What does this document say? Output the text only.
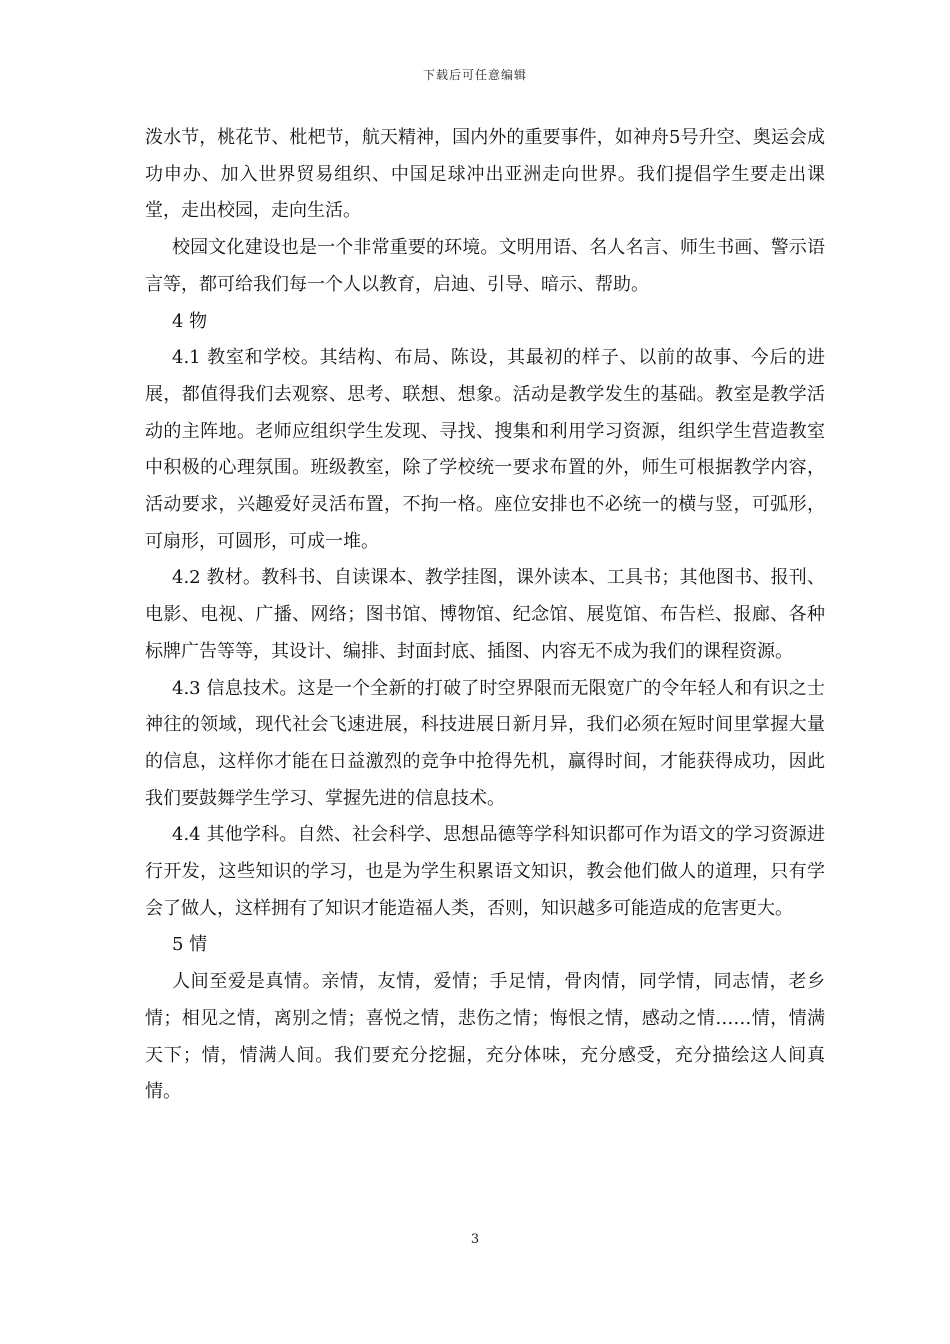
下载后可任意编辑

泼水节，桃花节、枇杷节，航天精神，国内外的重要事件，如神舟5号升空、奥运会成功申办、加入世界贸易组织、中国足球冲出亚洲走向世界。我们提倡学生要走出课堂，走出校园，走向生活。

校园文化建设也是一个非常重要的环境。文明用语、名人名言、师生书画、警示语言等，都可给我们每一个人以教育，启迪、引导、暗示、帮助。

4 物

4.1 教室和学校。其结构、布局、陈设，其最初的样子、以前的故事、今后的进展，都值得我们去观察、思考、联想、想象。活动是教学发生的基础。教室是教学活动的主阵地。老师应组织学生发现、寻找、搜集和利用学习资源，组织学生营造教室中积极的心理氛围。班级教室，除了学校统一要求布置的外，师生可根据教学内容，活动要求，兴趣爱好灵活布置，不拘一格。座位安排也不必统一的横与竖，可弧形，可扇形，可圆形，可成一堆。

4.2 教材。教科书、自读课本、教学挂图，课外读本、工具书；其他图书、报刊、电影、电视、广播、网络；图书馆、博物馆、纪念馆、展览馆、布告栏、报廊、各种标牌广告等等，其设计、编排、封面封底、插图、内容无不成为我们的课程资源。

4.3 信息技术。这是一个全新的打破了时空界限而无限宽广的令年轻人和有识之士神往的领域，现代社会飞速进展，科技进展日新月异，我们必须在短时间里掌握大量的信息，这样你才能在日益激烈的竞争中抢得先机，赢得时间，才能获得成功，因此我们要鼓舞学生学习、掌握先进的信息技术。

4.4 其他学科。自然、社会科学、思想品德等学科知识都可作为语文的学习资源进行开发，这些知识的学习，也是为学生积累语文知识，教会他们做人的道理，只有学会了做人，这样拥有了知识才能造福人类，否则，知识越多可能造成的危害更大。

5 情

人间至爱是真情。亲情，友情，爱情；手足情，骨肉情，同学情，同志情，老乡情；相见之情，离别之情；喜悦之情，悲伤之情；悔恨之情，感动之情……情，情满天下；情，情满人间。我们要充分挖掘，充分体味，充分感受，充分描绘这人间真情。

3
